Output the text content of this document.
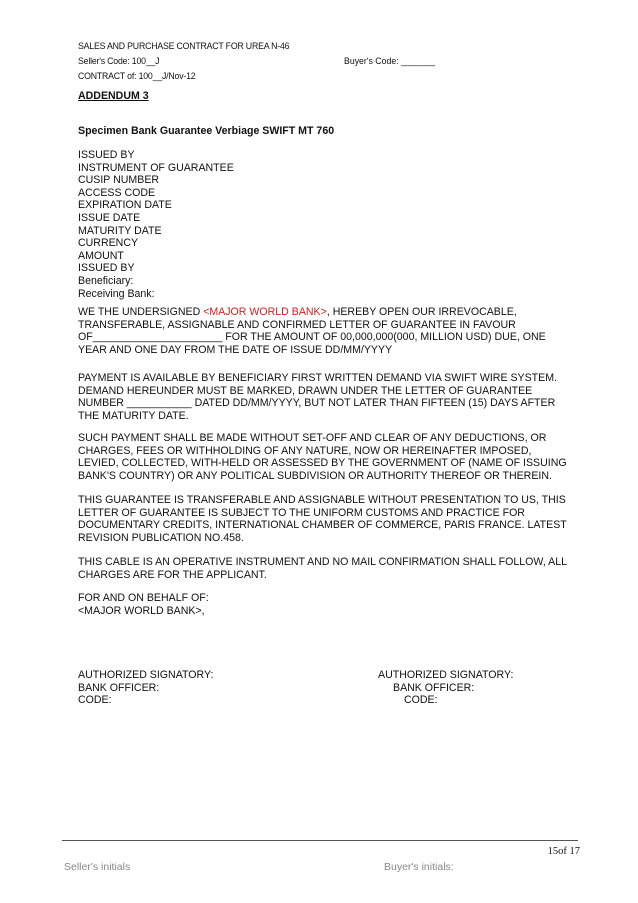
SALES AND PURCHASE CONTRACT FOR UREA N-46
Seller's Code: 100__J	Buyer's Code: _______
CONTRACT of: 100__J/Nov-12
ADDENDUM 3
Specimen Bank Guarantee Verbiage SWIFT MT 760
ISSUED BY
INSTRUMENT OF GUARANTEE
CUSIP NUMBER
ACCESS CODE
EXPIRATION DATE
ISSUE DATE
MATURITY DATE
CURRENCY
AMOUNT
ISSUED BY
Beneficiary:
Receiving Bank:
WE THE UNDERSIGNED <MAJOR WORLD BANK>, HEREBY OPEN OUR IRREVOCABLE,
TRANSFERABLE, ASSIGNABLE AND CONFIRMED LETTER OF GUARANTEE IN FAVOUR
OF______________________ FOR THE AMOUNT OF 00,000,000(000, MILLION USD) DUE, ONE
YEAR AND ONE DAY FROM THE DATE OF ISSUE DD/MM/YYYY
PAYMENT IS AVAILABLE BY BENEFICIARY FIRST WRITTEN DEMAND VIA SWIFT WIRE SYSTEM.
DEMAND HEREUNDER MUST BE MARKED, DRAWN UNDER THE LETTER OF GUARANTEE
NUMBER ___________ DATED DD/MM/YYYY, BUT NOT LATER THAN FIFTEEN (15) DAYS AFTER
THE MATURITY DATE.
SUCH PAYMENT SHALL BE MADE WITHOUT SET-OFF AND CLEAR OF ANY DEDUCTIONS, OR
CHARGES, FEES OR WITHHOLDING OF ANY NATURE, NOW OR HEREINAFTER IMPOSED,
LEVIED, COLLECTED, WITH-HELD OR ASSESSED BY THE GOVERNMENT OF (NAME OF ISSUING
BANK'S COUNTRY) OR ANY POLITICAL SUBDIVISION OR AUTHORITY THEREOF OR THEREIN.
THIS GUARANTEE IS TRANSFERABLE AND ASSIGNABLE WITHOUT PRESENTATION TO US, THIS
LETTER OF GUARANTEE IS SUBJECT TO THE UNIFORM CUSTOMS AND PRACTICE FOR
DOCUMENTARY CREDITS, INTERNATIONAL CHAMBER OF COMMERCE, PARIS FRANCE. LATEST
REVISION PUBLICATION NO.458.
THIS CABLE IS AN OPERATIVE INSTRUMENT AND NO MAIL CONFIRMATION SHALL FOLLOW, ALL
CHARGES ARE FOR THE APPLICANT.
FOR AND ON BEHALF OF:
<MAJOR WORLD BANK>,
AUTHORIZED SIGNATORY:
BANK OFFICER:
CODE:
AUTHORIZED SIGNATORY:
BANK OFFICER:
CODE:
15of 17
Seller's initials	Buyer's initials:
